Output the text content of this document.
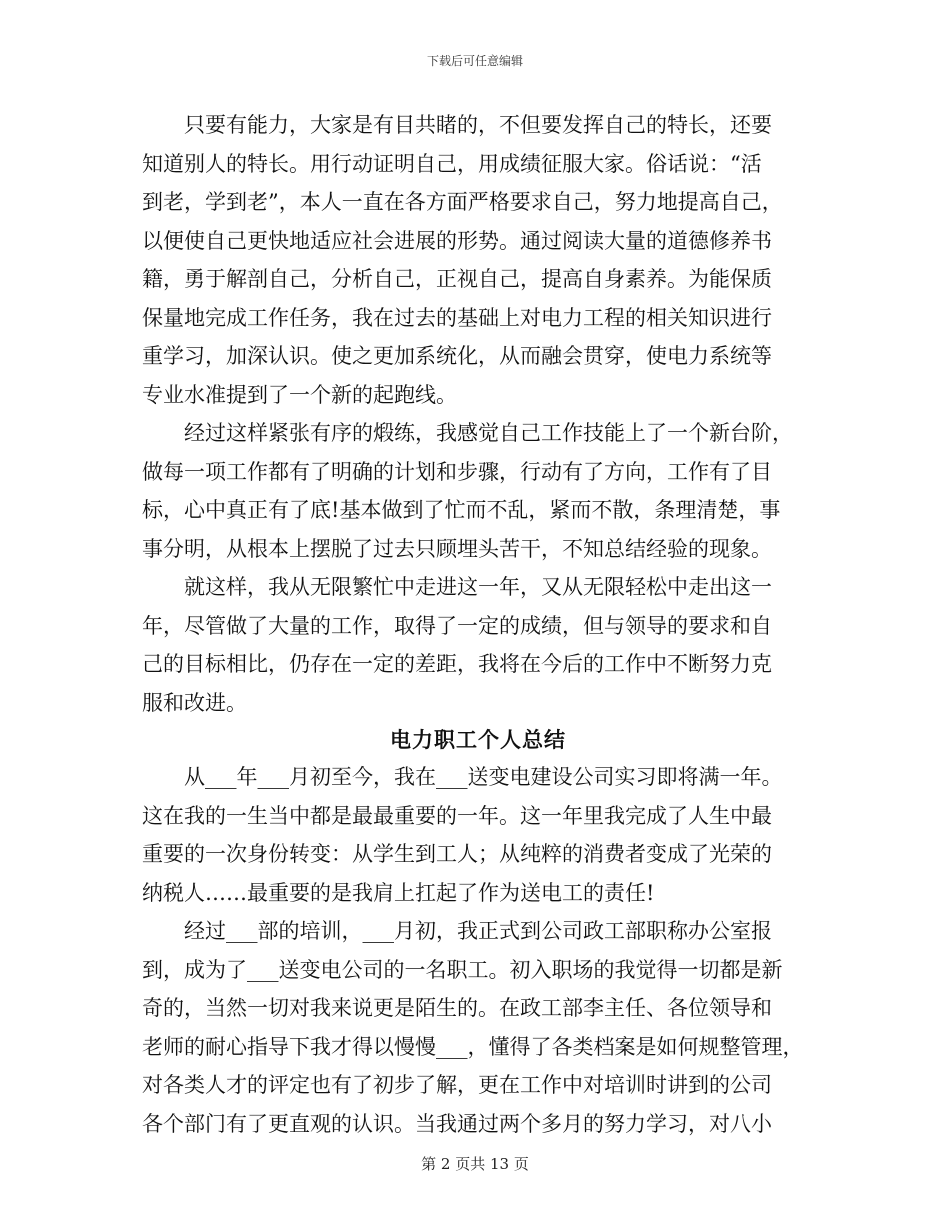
下载后可任意编辑
只要有能力，大家是有目共睹的，不但要发挥自己的特长，还要
知道别人的特长。用行动证明自己，用成绩征服大家。俗话说：“活
到老，学到老”，本人一直在各方面严格要求自己，努力地提高自己，
以便使自己更快地适应社会进展的形势。通过阅读大量的道德修养书
籍，勇于解剖自己，分析自己，正视自己，提高自身素养。为能保质
保量地完成工作任务，我在过去的基础上对电力工程的相关知识进行
重学习，加深认识。使之更加系统化，从而融会贯穿，使电力系统等
专业水准提到了一个新的起跑线。
经过这样紧张有序的煅练，我感觉自己工作技能上了一个新台阶，
做每一项工作都有了明确的计划和步骤，行动有了方向，工作有了目
标，心中真正有了底!基本做到了忙而不乱，紧而不散，条理清楚，事
事分明，从根本上摆脱了过去只顾埋头苦干，不知总结经验的现象。
就这样，我从无限繁忙中走进这一年，又从无限轻松中走出这一
年，尽管做了大量的工作，取得了一定的成绩，但与领导的要求和自
己的目标相比，仍存在一定的差距，我将在今后的工作中不断努力克
服和改进。
电力职工个人总结
从___年___月初至今，我在___送变电建设公司实习即将满一年。
这在我的一生当中都是最最重要的一年。这一年里我完成了人生中最
重要的一次身份转变：从学生到工人；从纯粹的消费者变成了光荣的
纳税人……最重要的是我肩上扛起了作为送电工的责任!
经过___部的培训，___月初，我正式到公司政工部职称办公室报
到，成为了___送变电公司的一名职工。初入职场的我觉得一切都是新
奇的，当然一切对我来说更是陌生的。在政工部李主任、各位领导和
老师的耐心指导下我才得以慢慢___，懂得了各类档案是如何规整管理，
对各类人才的评定也有了初步了解，更在工作中对培训时讲到的公司
各个部门有了更直观的认识。当我通过两个多月的努力学习，对八小
第 2 页共 13 页
